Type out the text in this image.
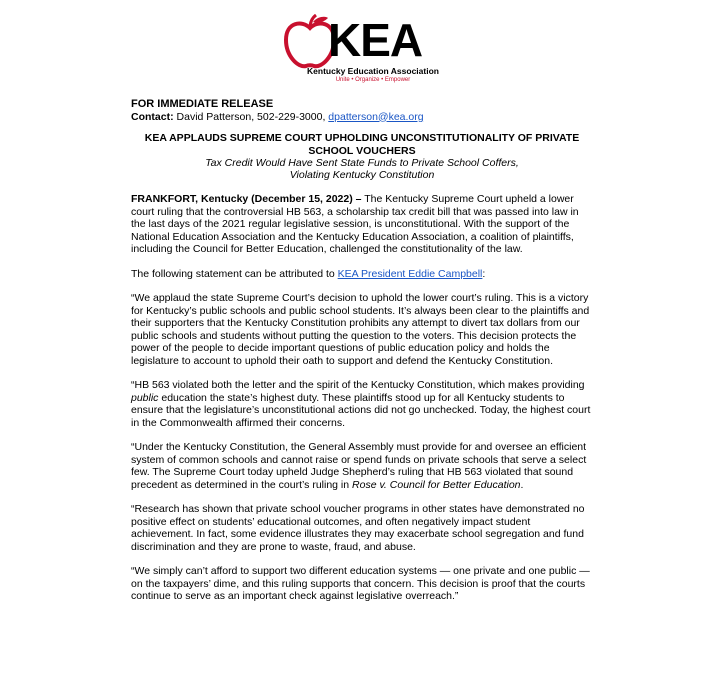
KEA
Kentucky Education Association
Unite • Organize • Empower

FOR IMMEDIATE RELEASE

Contact: David Patterson, 502-229-3000, dpatterson@kea.org

KEA APPLAUDS SUPREME COURT UPHOLDING UNCONSTITUTIONALITY OF PRIVATE

SCHOOL VOUCHERS

Tax Credit Would Have Sent State Funds to Private School Coffers,

Violating Kentucky Constitution

FRANKFORT, Kentucky (December 15, 2022) – The Kentucky Supreme Court upheld a lower court ruling that the controversial HB 563, a scholarship tax credit bill that was passed into law in the last days of the 2021 regular legislative session, is unconstitutional. With the support of the National Education Association and the Kentucky Education Association, a coalition of plaintiffs, including the Council for Better Education, challenged the constitutionality of the law.

The following statement can be attributed to KEA President Eddie Campbell:

“We applaud the state Supreme Court’s decision to uphold the lower court’s ruling. This is a victory for Kentucky’s public schools and public school students. It’s always been clear to the plaintiffs and their supporters that the Kentucky Constitution prohibits any attempt to divert tax dollars from our public schools and students without putting the question to the voters. This decision protects the power of the people to decide important questions of public education policy and holds the legislature to account to uphold their oath to support and defend the Kentucky Constitution.

“HB 563 violated both the letter and the spirit of the Kentucky Constitution, which makes providing public education the state’s highest duty. These plaintiffs stood up for all Kentucky students to ensure that the legislature’s unconstitutional actions did not go unchecked. Today, the highest court in the Commonwealth affirmed their concerns.

“Under the Kentucky Constitution, the General Assembly must provide for and oversee an efficient system of common schools and cannot raise or spend funds on private schools that serve a select few. The Supreme Court today upheld Judge Shepherd’s ruling that HB 563 violated that sound precedent as determined in the court’s ruling in Rose v. Council for Better Education.

“Research has shown that private school voucher programs in other states have demonstrated no positive effect on students’ educational outcomes, and often negatively impact student achievement. In fact, some evidence illustrates they may exacerbate school segregation and fund discrimination and they are prone to waste, fraud, and abuse.

“We simply can’t afford to support two different education systems — one private and one public — on the taxpayers’ dime, and this ruling supports that concern. This decision is proof that the courts continue to serve as an important check against legislative overreach.”
